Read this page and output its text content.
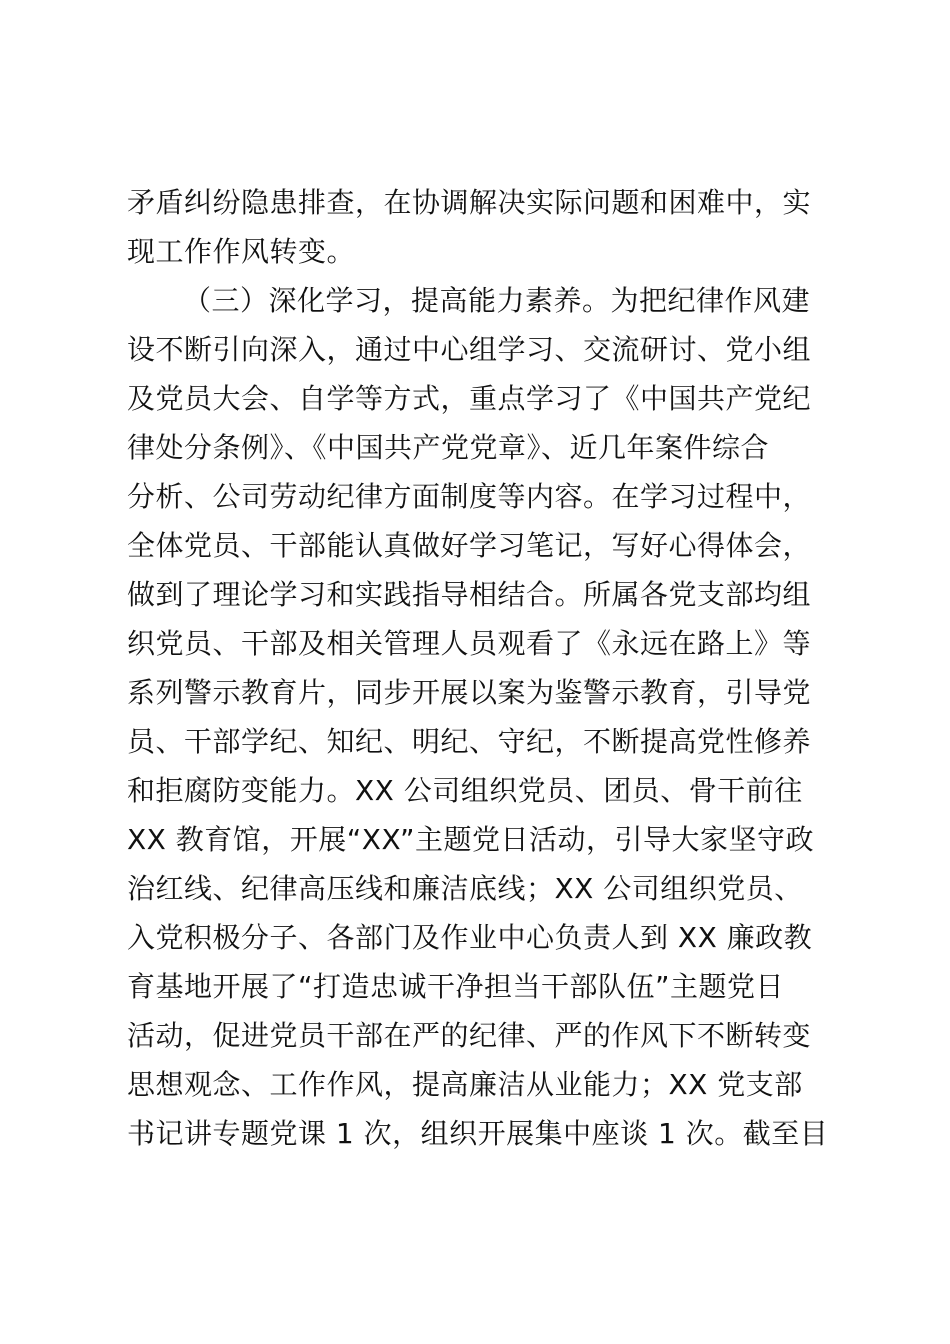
矛盾纠纷隐患排查，在协调解决实际问题和困难中，实
现工作作风转变。
（三）深化学习，提高能力素养。为把纪律作风建
设不断引向深入，通过中心组学习、交流研讨、党小组
及党员大会、自学等方式，重点学习了《中国共产党纪
律处分条例》、《中国共产党党章》、近几年案件综合
分析、公司劳动纪律方面制度等内容。在学习过程中，
全体党员、干部能认真做好学习笔记，写好心得体会，
做到了理论学习和实践指导相结合。所属各党支部均组
织党员、干部及相关管理人员观看了《永远在路上》等
系列警示教育片，同步开展以案为鉴警示教育，引导党
员、干部学纪、知纪、明纪、守纪，不断提高党性修养
和拒腐防变能力。XX 公司组织党员、团员、骨干前往
XX 教育馆，开展“XX”主题党日活动，引导大家坚守政
治红线、纪律高压线和廉洁底线；XX 公司组织党员、
入党积极分子、各部门及作业中心负责人到 XX 廉政教
育基地开展了“打造忠诚干净担当干部队伍”主题党日
活动，促进党员干部在严的纪律、严的作风下不断转变
思想观念、工作作风，提高廉洁从业能力；XX 党支部
书记讲专题党课 1 次，组织开展集中座谈 1 次。截至目
